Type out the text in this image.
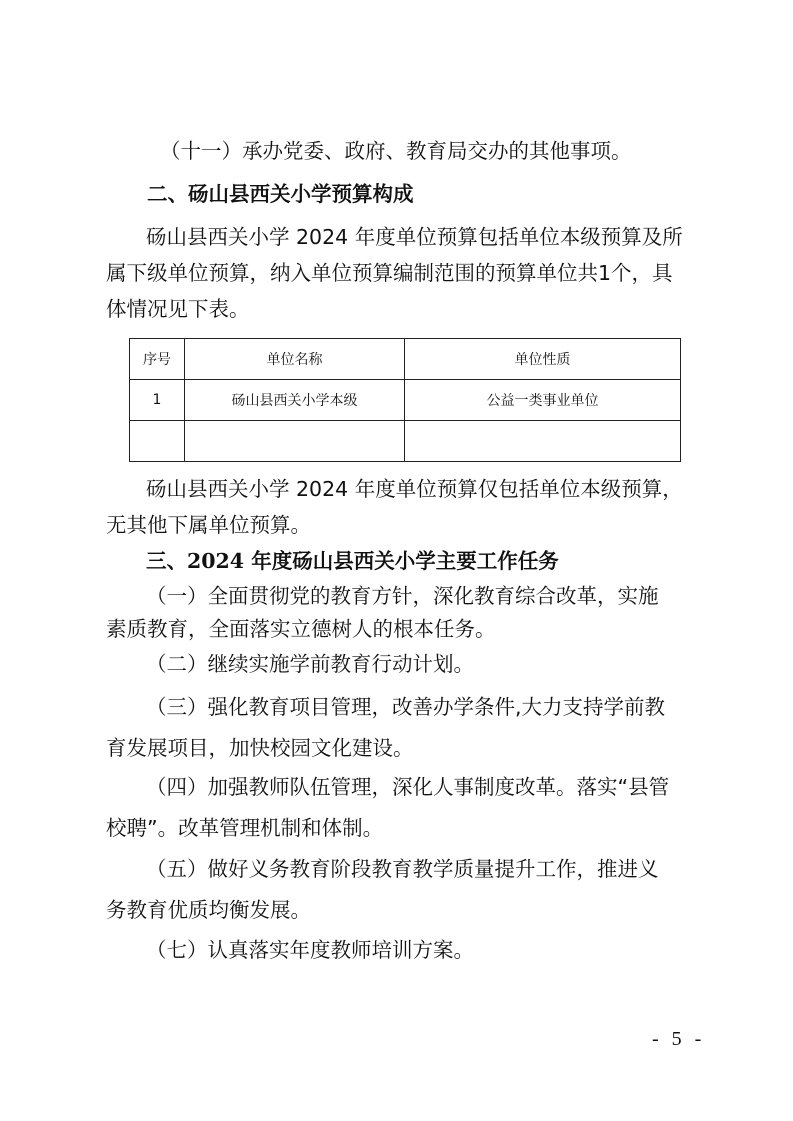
（十一）承办党委、政府、教育局交办的其他事项。
二、砀山县西关小学预算构成
砀山县西关小学 2024 年度单位预算包括单位本级预算及所
属下级单位预算，纳入单位预算编制范围的预算单位共1个，具
体情况见下表。
序号	单位名称	单位性质
1	砀山县西关小学本级	公益一类事业单位

砀山县西关小学 2024 年度单位预算仅包括单位本级预算，
无其他下属单位预算。
三、2024 年度砀山县西关小学主要工作任务
（一）全面贯彻党的教育方针，深化教育综合改革，实施
素质教育，全面落实立德树人的根本任务。
（二）继续实施学前教育行动计划。
（三）强化教育项目管理，改善办学条件,大力支持学前教
育发展项目，加快校园文化建设。
（四）加强教师队伍管理，深化人事制度改革。落实“县管
校聘”。改革管理机制和体制。
（五）做好义务教育阶段教育教学质量提升工作，推进义
务教育优质均衡发展。
（七）认真落实年度教师培训方案。
- 5 -
